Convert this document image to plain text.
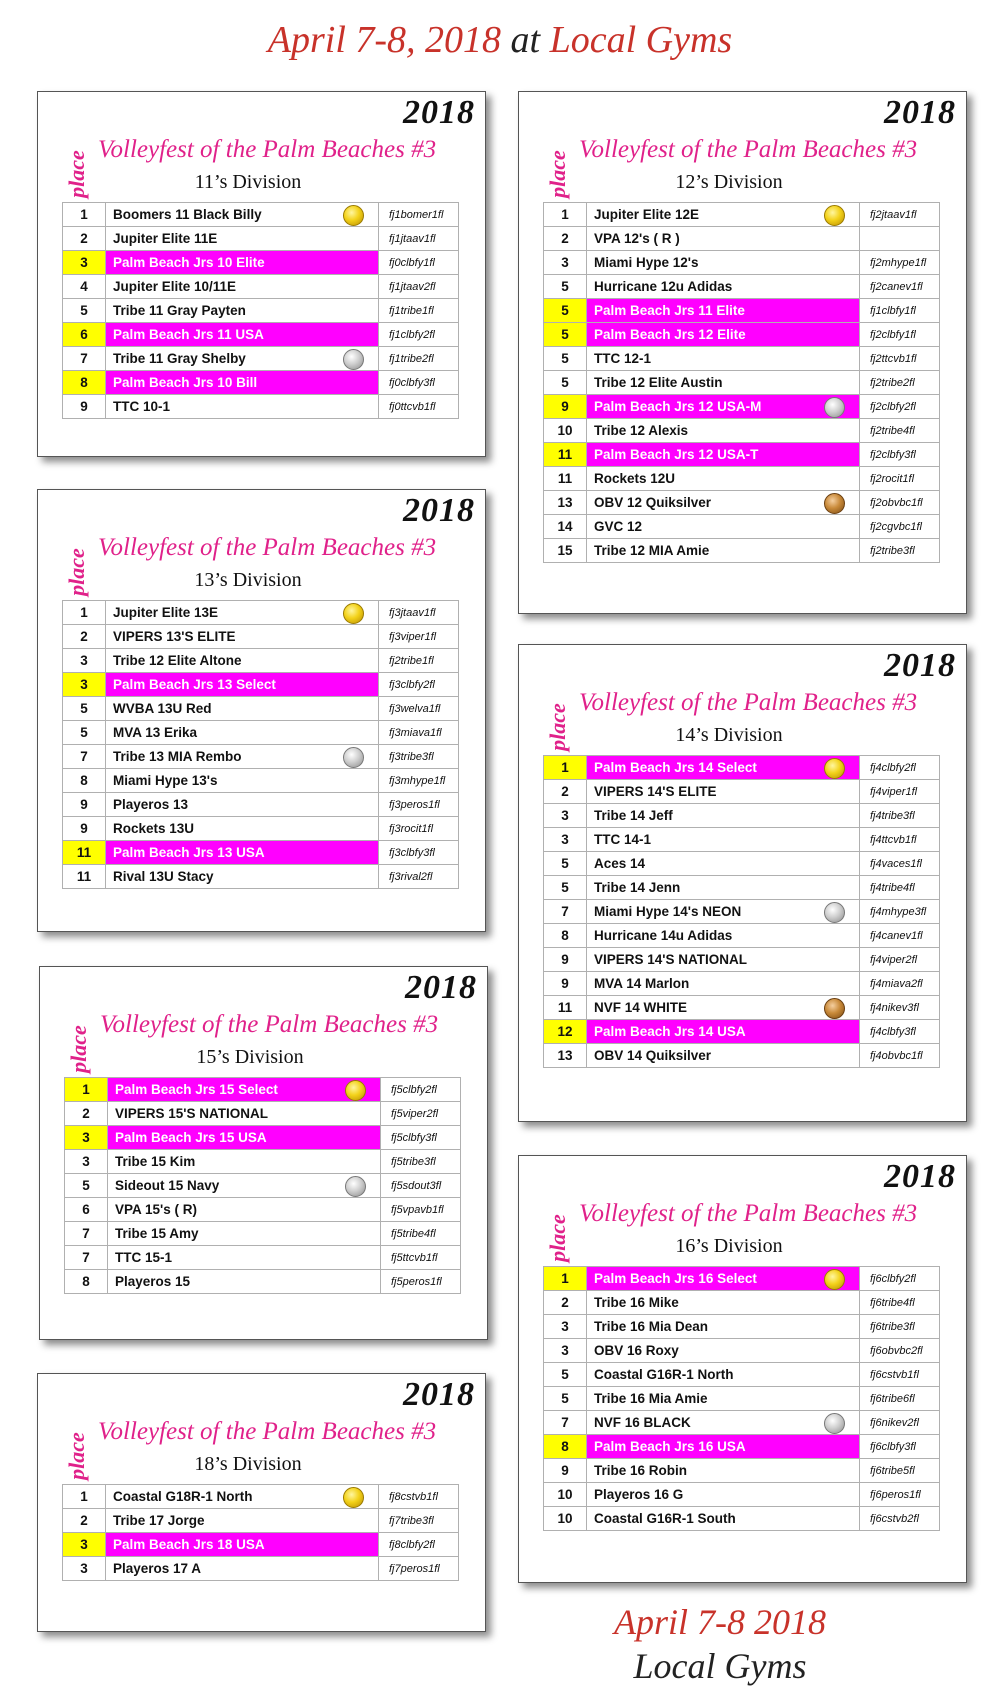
April 7-8, 2018 at Local Gyms
2018
place
Volleyfest of the Palm Beaches #3
11’s Division
1	Boomers 11 Black Billy	fj1bomer1fl
2	Jupiter Elite 11E	fj1jtaav1fl
3	Palm Beach Jrs 10 Elite	fj0clbfy1fl
4	Jupiter Elite 10/11E	fj1jtaav2fl
5	Tribe 11 Gray Payten	fj1tribe1fl
6	Palm Beach Jrs 11 USA	fj1clbfy2fl
7	Tribe 11 Gray Shelby	fj1tribe2fl
8	Palm Beach Jrs 10 Bill	fj0clbfy3fl
9	TTC 10-1	fj0ttcvb1fl
2018
place
Volleyfest of the Palm Beaches #3
12’s Division
1	Jupiter Elite 12E	fj2jtaav1fl
2	VPA 12's ( R )	
3	Miami Hype 12's	fj2mhype1fl
5	Hurricane 12u Adidas	fj2canev1fl
5	Palm Beach Jrs 11 Elite	fj1clbfy1fl
5	Palm Beach Jrs 12 Elite	fj2clbfy1fl
5	TTC 12-1	fj2ttcvb1fl
5	Tribe 12 Elite Austin	fj2tribe2fl
9	Palm Beach Jrs 12 USA-M	fj2clbfy2fl
10	Tribe 12 Alexis	fj2tribe4fl
11	Palm Beach Jrs 12 USA-T	fj2clbfy3fl
11	Rockets 12U	fj2rocit1fl
13	OBV 12 Quiksilver	fj2obvbc1fl
14	GVC 12	fj2cgvbc1fl
15	Tribe 12 MIA Amie	fj2tribe3fl
2018
place
Volleyfest of the Palm Beaches #3
13’s Division
1	Jupiter Elite 13E	fj3jtaav1fl
2	VIPERS 13'S ELITE	fj3viper1fl
3	Tribe 12 Elite Altone	fj2tribe1fl
3	Palm Beach Jrs 13 Select	fj3clbfy2fl
5	WVBA 13U Red	fj3welva1fl
5	MVA 13 Erika	fj3miava1fl
7	Tribe 13 MIA Rembo	fj3tribe3fl
8	Miami Hype 13's	fj3mhype1fl
9	Playeros 13	fj3peros1fl
9	Rockets 13U	fj3rocit1fl
11	Palm Beach Jrs 13 USA	fj3clbfy3fl
11	Rival 13U Stacy	fj3rival2fl
2018
place
Volleyfest of the Palm Beaches #3
14’s Division
1	Palm Beach Jrs 14 Select	fj4clbfy2fl
2	VIPERS 14'S ELITE	fj4viper1fl
3	Tribe 14 Jeff	fj4tribe3fl
3	TTC 14-1	fj4ttcvb1fl
5	Aces 14	fj4vaces1fl
5	Tribe 14 Jenn	fj4tribe4fl
7	Miami Hype 14's NEON	fj4mhype3fl
8	Hurricane 14u Adidas	fj4canev1fl
9	VIPERS 14'S NATIONAL	fj4viper2fl
9	MVA 14 Marlon	fj4miava2fl
11	NVF 14 WHITE	fj4nikev3fl
12	Palm Beach Jrs 14 USA	fj4clbfy3fl
13	OBV 14 Quiksilver	fj4obvbc1fl
2018
place
Volleyfest of the Palm Beaches #3
15’s Division
1	Palm Beach Jrs 15 Select	fj5clbfy2fl
2	VIPERS 15'S NATIONAL	fj5viper2fl
3	Palm Beach Jrs 15 USA	fj5clbfy3fl
3	Tribe 15 Kim	fj5tribe3fl
5	Sideout 15 Navy	fj5sdout3fl
6	VPA 15's ( R)	fj5vpavb1fl
7	Tribe 15 Amy	fj5tribe4fl
7	TTC 15-1	fj5ttcvb1fl
8	Playeros 15	fj5peros1fl
2018
place
Volleyfest of the Palm Beaches #3
16’s Division
1	Palm Beach Jrs 16 Select	fj6clbfy2fl
2	Tribe 16 Mike	fj6tribe4fl
3	Tribe 16 Mia Dean	fj6tribe3fl
3	OBV 16 Roxy	fj6obvbc2fl
5	Coastal G16R-1 North	fj6cstvb1fl
5	Tribe 16 Mia Amie	fj6tribe6fl
7	NVF 16 BLACK	fj6nikev2fl
8	Palm Beach Jrs 16 USA	fj6clbfy3fl
9	Tribe 16 Robin	fj6tribe5fl
10	Playeros 16 G	fj6peros1fl
10	Coastal G16R-1 South	fj6cstvb2fl
2018
place
Volleyfest of the Palm Beaches #3
18’s Division
1	Coastal G18R-1 North	fj8cstvb1fl
2	Tribe 17 Jorge	fj7tribe3fl
3	Palm Beach Jrs 18 USA	fj8clbfy2fl
3	Playeros 17 A	fj7peros1fl
April 7-8 2018
Local Gyms
